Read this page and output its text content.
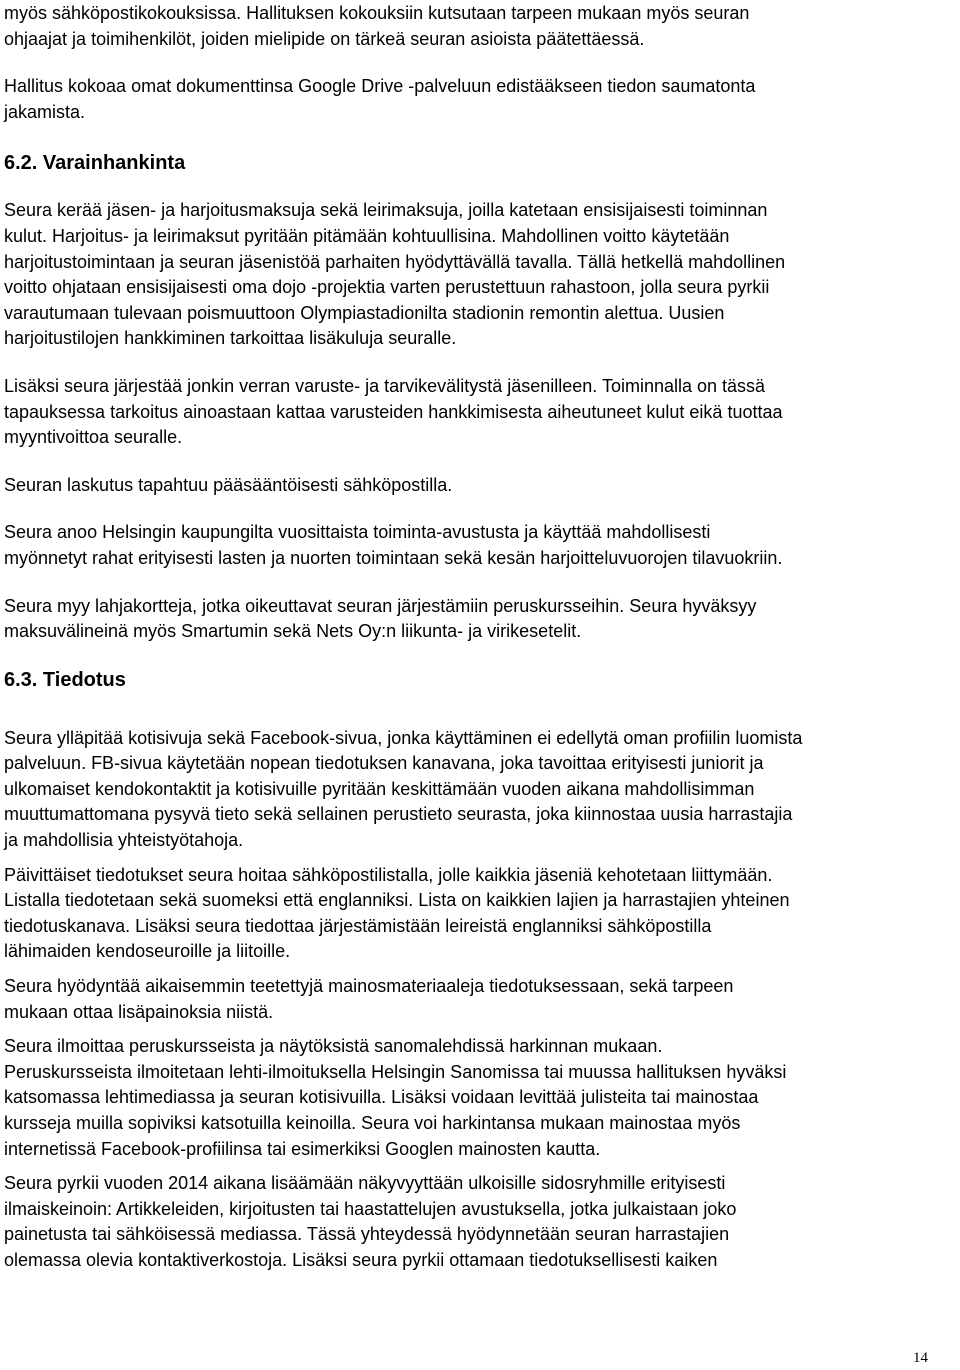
myös sähköpostikokouksissa. Hallituksen kokouksiin kutsutaan tarpeen mukaan myös seuran
ohjaajat ja toimihenkilöt, joiden mielipide on tärkeä seuran asioista päätettäessä.

Hallitus kokoaa omat dokumenttinsa Google Drive -palveluun edistääkseen tiedon saumatonta
jakamista.

6.2. Varainhankinta

Seura kerää jäsen- ja harjoitusmaksuja sekä leirimaksuja, joilla katetaan ensisijaisesti toiminnan
kulut. Harjoitus- ja leirimaksut pyritään pitämään kohtuullisina. Mahdollinen voitto käytetään
harjoitustoimintaan ja seuran jäsenistöä parhaiten hyödyttävällä tavalla. Tällä hetkellä mahdollinen
voitto ohjataan ensisijaisesti oma dojo -projektia varten perustettuun rahastoon, jolla seura pyrkii
varautumaan tulevaan poismuuttoon Olympiastadionilta stadionin remontin alettua. Uusien
harjoitustilojen hankkiminen tarkoittaa lisäkuluja seuralle.

Lisäksi seura järjestää jonkin verran varuste- ja tarvikevälitystä jäsenilleen. Toiminnalla on tässä
tapauksessa tarkoitus ainoastaan kattaa varusteiden hankkimisesta aiheutuneet kulut eikä tuottaa
myyntivoittoa seuralle.

Seuran laskutus tapahtuu pääsääntöisesti sähköpostilla.

Seura anoo Helsingin kaupungilta vuosittaista toiminta-avustusta ja käyttää mahdollisesti
myönnetyt rahat erityisesti lasten ja nuorten toimintaan sekä kesän harjoitteluvuorojen tilavuokriin.

Seura myy lahjakortteja, jotka oikeuttavat seuran järjestämiin peruskursseihin. Seura hyväksyy
maksuvälineinä myös Smartumin sekä Nets Oy:n liikunta- ja virikesetelit.

6.3. Tiedotus

Seura ylläpitää kotisivuja sekä Facebook-sivua, jonka käyttäminen ei edellytä oman profiilin luomista
palveluun. FB-sivua käytetään nopean tiedotuksen kanavana, joka tavoittaa erityisesti juniorit ja
ulkomaiset kendokontaktit ja kotisivuille pyritään keskittämään vuoden aikana mahdollisimman
muuttumattomana pysyvä tieto sekä sellainen perustieto seurasta, joka kiinnostaa uusia harrastajia
ja mahdollisia yhteistyötahoja.

Päivittäiset tiedotukset seura hoitaa sähköpostilistalla, jolle kaikkia jäseniä kehotetaan liittymään.
Listalla tiedotetaan sekä suomeksi että englanniksi. Lista on kaikkien lajien ja harrastajien yhteinen
tiedotuskanava. Lisäksi seura tiedottaa järjestämistään leireistä englanniksi sähköpostilla
lähimaiden kendoseuroille ja liitoille.

Seura hyödyntää aikaisemmin teetettyjä mainosmateriaaleja tiedotuksessaan, sekä tarpeen
mukaan ottaa lisäpainoksia niistä.

Seura ilmoittaa peruskursseista ja näytöksistä sanomalehdissä harkinnan mukaan.
Peruskursseista ilmoitetaan lehti-ilmoituksella Helsingin Sanomissa tai muussa hallituksen hyväksi
katsomassa lehtimediassa ja seuran kotisivuilla. Lisäksi voidaan levittää julisteita tai mainostaa
kursseja muilla sopiviksi katsotuilla keinoilla. Seura voi harkintansa mukaan mainostaa myös
internetissä Facebook-profiilinsa tai esimerkiksi Googlen mainosten kautta.

Seura pyrkii vuoden 2014 aikana lisäämään näkyvyyttään ulkoisille sidosryhmille erityisesti
ilmaiskeinoin: Artikkeleiden, kirjoitusten tai haastattelujen avustuksella, jotka julkaistaan joko
painetusta tai sähköisessä mediassa. Tässä yhteydessä hyödynnetään seuran harrastajien
olemassa olevia kontaktiverkostoja. Lisäksi seura pyrkii ottamaan tiedotuksellisesti kaiken

14
